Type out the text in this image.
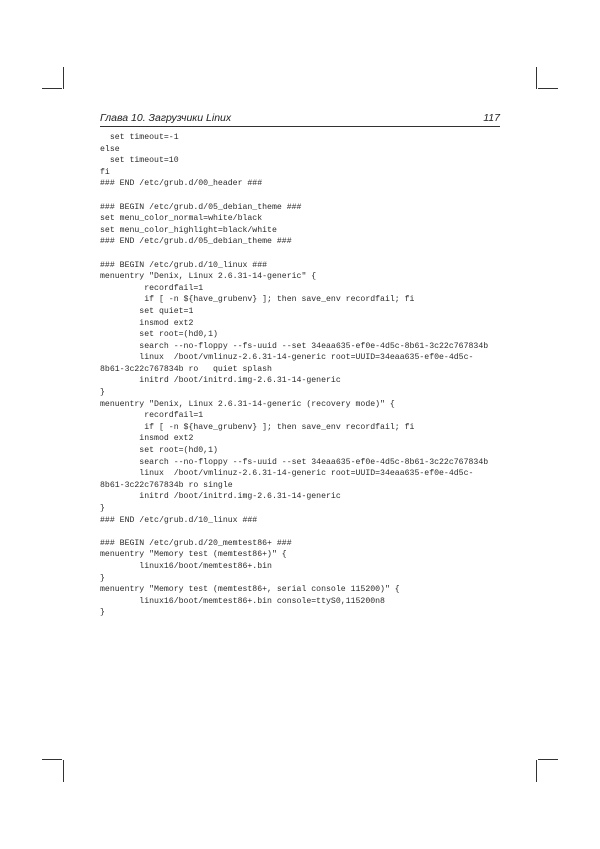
Глава 10. Загрузчики Linux	117
set timeout=-1
else
set timeout=10
fi
### END /etc/grub.d/00_header ###
### BEGIN /etc/grub.d/05_debian_theme ###
set menu_color_normal=white/black
set menu_color_highlight=black/white
### END /etc/grub.d/05_debian_theme ###
### BEGIN /etc/grub.d/10_linux ###
menuentry "Denix, Linux 2.6.31-14-generic" {
recordfail=1
if [ -n ${have_grubenv} ]; then save_env recordfail; fi
set quiet=1
insmod ext2
set root=(hd0,1)
search --no-floppy --fs-uuid --set 34eaa635-ef0e-4d5c-8b61-3c22c767834b
linux  /boot/vmlinuz-2.6.31-14-generic root=UUID=34eaa635-ef0e-4d5c-
8b61-3c22c767834b ro   quiet splash
initrd /boot/initrd.img-2.6.31-14-generic
}
menuentry "Denix, Linux 2.6.31-14-generic (recovery mode)" {
recordfail=1
if [ -n ${have_grubenv} ]; then save_env recordfail; fi
insmod ext2
set root=(hd0,1)
search --no-floppy --fs-uuid --set 34eaa635-ef0e-4d5c-8b61-3c22c767834b
linux  /boot/vmlinuz-2.6.31-14-generic root=UUID=34eaa635-ef0e-4d5c-
8b61-3c22c767834b ro single
initrd /boot/initrd.img-2.6.31-14-generic
}
### END /etc/grub.d/10_linux ###
### BEGIN /etc/grub.d/20_memtest86+ ###
menuentry "Memory test (memtest86+)" {
linux16/boot/memtest86+.bin
}
menuentry "Memory test (memtest86+, serial console 115200)" {
linux16/boot/memtest86+.bin console=ttyS0,115200n8
}
